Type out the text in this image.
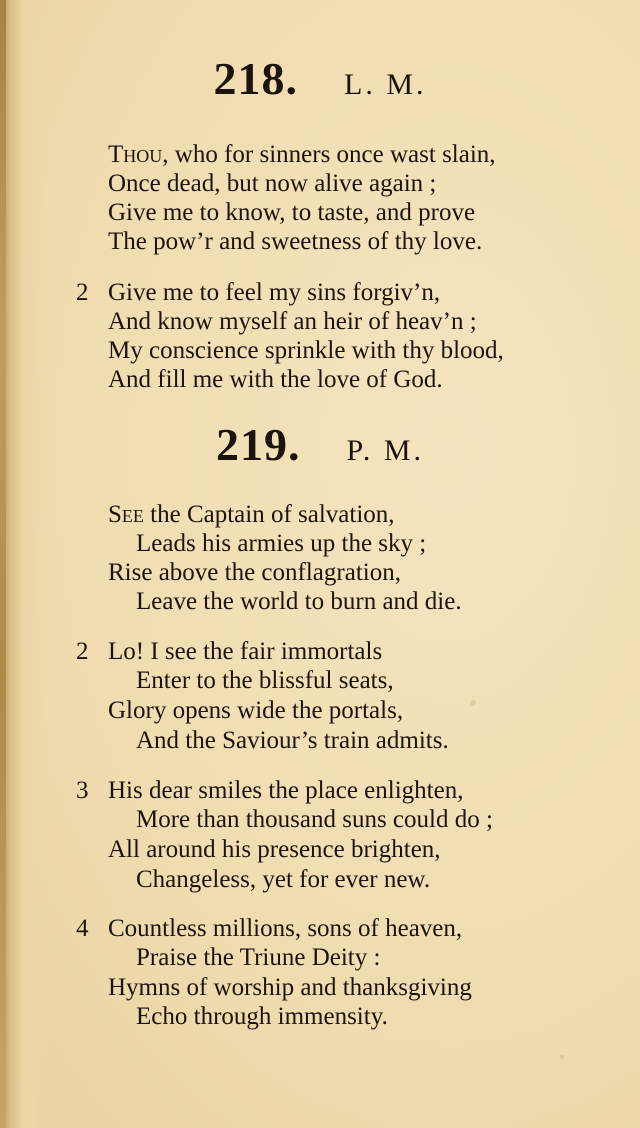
218. L. M.
Thou, who for sinners once wast slain,
Once dead, but now alive again ;
Give me to know, to taste, and prove
The pow’r and sweetness of thy love.
2 Give me to feel my sins forgiv’n,
And know myself an heir of heav’n ;
My conscience sprinkle with thy blood,
And fill me with the love of God.
219. P. M.
See the Captain of salvation,
Leads his armies up the sky ;
Rise above the conflagration,
Leave the world to burn and die.
2 Lo! I see the fair immortals
Enter to the blissful seats,
Glory opens wide the portals,
And the Saviour’s train admits.
3 His dear smiles the place enlighten,
More than thousand suns could do ;
All around his presence brighten,
Changeless, yet for ever new.
4 Countless millions, sons of heaven,
Praise the Triune Deity :
Hymns of worship and thanksgiving
Echo through immensity.
